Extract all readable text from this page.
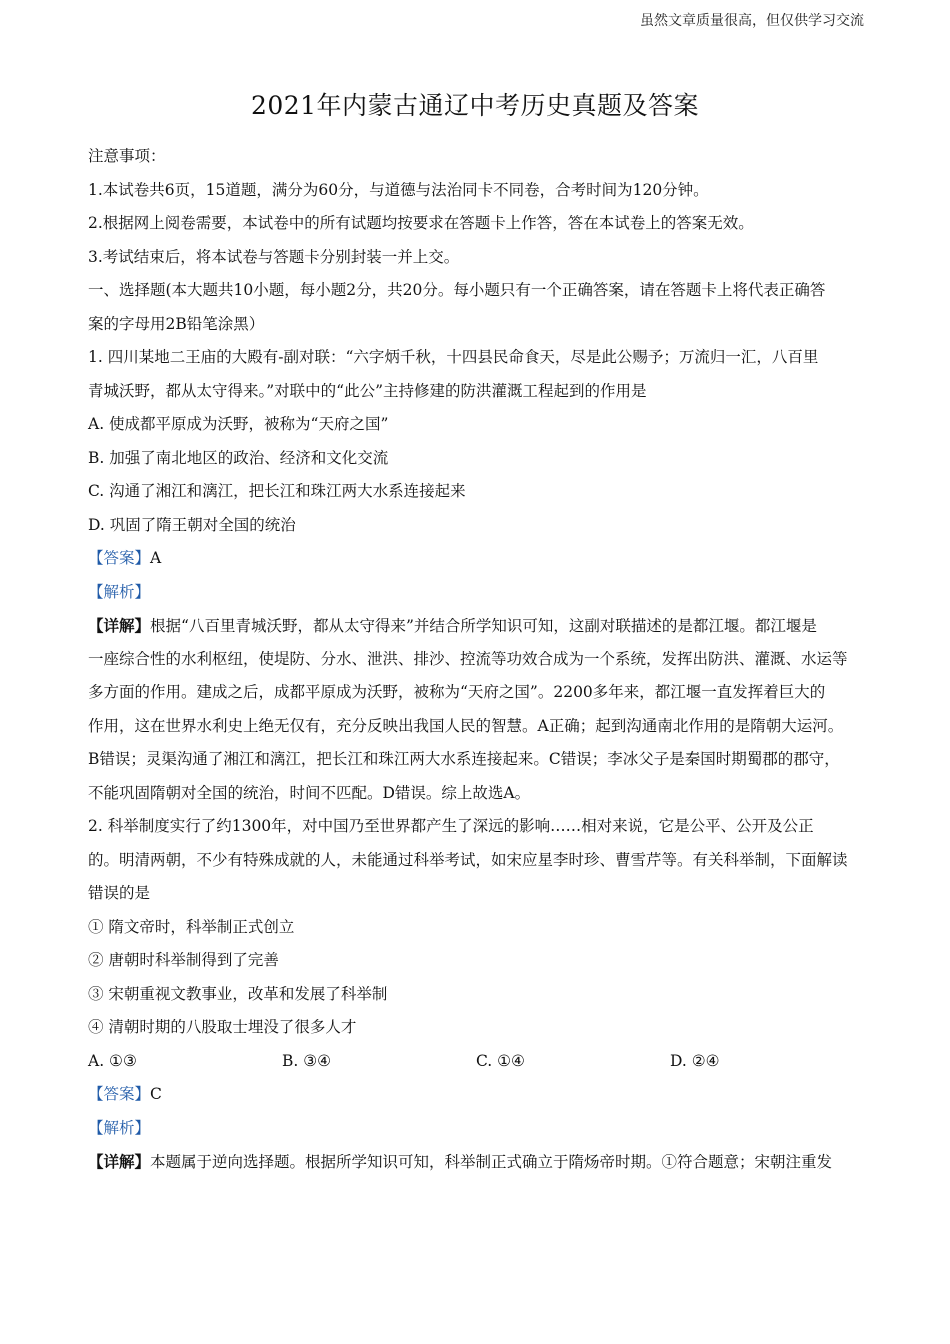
虽然文章质量很高，但仅供学习交流
2021年内蒙古通辽中考历史真题及答案
注意事项：
1.本试卷共6页，15道题，满分为60分，与道德与法治同卡不同卷，合考时间为120分钟。
2.根据网上阅卷需要，本试卷中的所有试题均按要求在答题卡上作答，答在本试卷上的答案无效。
3.考试结束后，将本试卷与答题卡分别封装一并上交。
一、选择题(本大题共10小题，每小题2分，共20分。每小题只有一个正确答案，请在答题卡上将代表正确答
案的字母用2B铅笔涂黑）
1. 四川某地二王庙的大殿有-副对联：“六字炳千秋，十四县民命食天，尽是此公赐予；万流归一汇，八百里
青城沃野，都从太守得来。”对联中的“此公”主持修建的防洪灌溉工程起到的作用是
A. 使成都平原成为沃野，被称为“天府之国”
B. 加强了南北地区的政治、经济和文化交流
C. 沟通了湘江和漓江，把长江和珠江两大水系连接起来
D. 巩固了隋王朝对全国的统治
【答案】A
【解析】
【详解】根据“八百里青城沃野，都从太守得来”并结合所学知识可知，这副对联描述的是都江堰。都江堰是
一座综合性的水利枢纽，使堤防、分水、泄洪、排沙、控流等功效合成为一个系统，发挥出防洪、灌溉、水运等
多方面的作用。建成之后，成都平原成为沃野，被称为“天府之国”。2200多年来，都江堰一直发挥着巨大的
作用，这在世界水利史上绝无仅有，充分反映出我国人民的智慧。A正确；起到沟通南北作用的是隋朝大运河。
B错误；灵渠沟通了湘江和漓江，把长江和珠江两大水系连接起来。C错误；李冰父子是秦国时期蜀郡的郡守，
不能巩固隋朝对全国的统治，时间不匹配。D错误。综上故选A。
2. 科举制度实行了约1300年，对中国乃至世界都产生了深远的影响……相对来说，它是公平、公开及公正
的。明清两朝，不少有特殊成就的人，未能通过科举考试，如宋应星李时珍、曹雪芹等。有关科举制，下面解读
错误的是
① 隋文帝时，科举制正式创立
② 唐朝时科举制得到了完善
③ 宋朝重视文教事业，改革和发展了科举制
④ 清朝时期的八股取士埋没了很多人才
A. ①③	B. ③④	C. ①④	D. ②④
【答案】C
【解析】
【详解】本题属于逆向选择题。根据所学知识可知，科举制正式确立于隋炀帝时期。①符合题意；宋朝注重发
